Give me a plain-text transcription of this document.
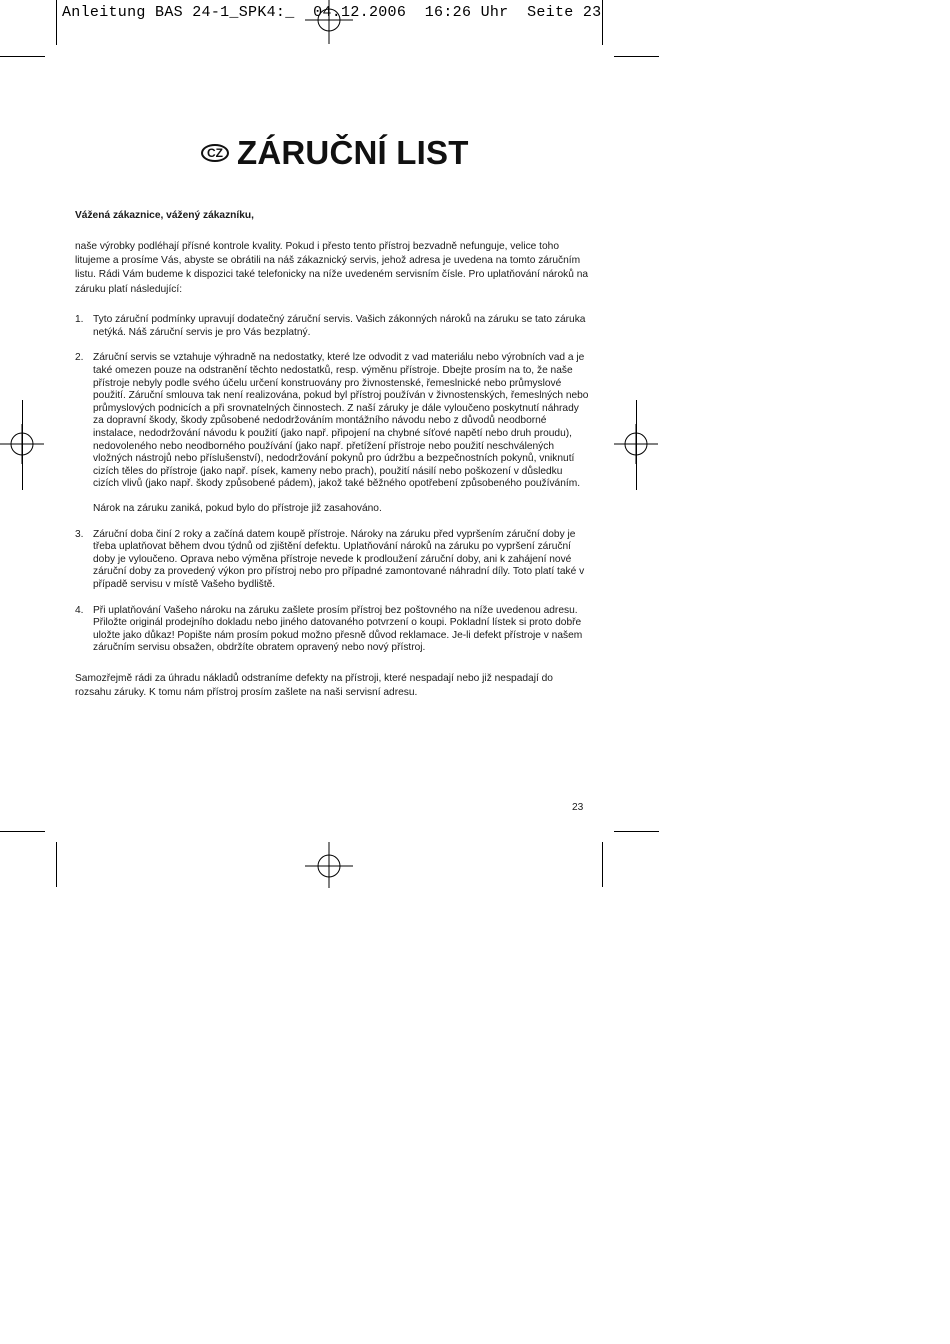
Anleitung BAS 24-1_SPK4:_  04.12.2006  16:26 Uhr  Seite 23
CZ ZÁRUČNÍ LIST

Vážená zákaznice, vážený zákazníku,

naše výrobky podléhají přísné kontrole kvality. Pokud i přesto tento přístroj bezvadně nefunguje, velice toho litujeme a prosíme Vás, abyste se obrátili na náš zákaznický servis, jehož adresa je uvedena na tomto záručním listu. Rádi Vám budeme k dispozici také telefonicky na níže uvedeném servisním čísle. Pro uplatňování nároků na záruku platí následující:

1. Tyto záruční podmínky upravují dodatečný záruční servis. Vašich zákonných nároků na záruku se tato záruka netýká. Náš záruční servis je pro Vás bezplatný.

2. Záruční servis se vztahuje výhradně na nedostatky, které lze odvodit z vad materiálu nebo výrobních vad a je také omezen pouze na odstranění těchto nedostatků, resp. výměnu přístroje. Dbejte prosím na to, že naše přístroje nebyly podle svého účelu určení konstruovány pro živnostenské, řemeslnické nebo průmyslové použití. Záruční smlouva tak není realizována, pokud byl přístroj používán v živnostenských, řemeslných nebo průmyslových podnicích a při srovnatelných činnostech. Z naší záruky je dále vyloučeno poskytnutí náhrady za dopravní škody, škody způsobené nedodržováním montážního návodu nebo z důvodů neodborné instalace, nedodržování návodu k použití (jako např. připojení na chybné síťové napětí nebo druh proudu), nedovoleného nebo neodborného používání (jako např. přetížení přístroje nebo použití neschválených vložných nástrojů nebo příslušenství), nedodržování pokynů pro údržbu a bezpečnostních pokynů, vniknutí cizích těles do přístroje (jako např. písek, kameny nebo prach), použití násilí nebo poškození v důsledku cizích vlivů (jako např. škody způsobené pádem), jakož také běžného opotřebení způsobeného používáním.

Nárok na záruku zaniká, pokud bylo do přístroje již zasahováno.

3. Záruční doba činí 2 roky a začíná datem koupě přístroje. Nároky na záruku před vypršením záruční doby je třeba uplatňovat během dvou týdnů od zjištění defektu. Uplatňování nároků na záruku po vypršení záruční doby je vyloučeno. Oprava nebo výměna přístroje nevede k prodloužení záruční doby, ani k zahájení nové záruční doby za provedený výkon pro přístroj nebo pro případné zamontované náhradní díly. Toto platí také v případě servisu v místě Vašeho bydliště.

4. Při uplatňování Vašeho nároku na záruku zašlete prosím přístroj bez poštovného na níže uvedenou adresu. Přiložte originál prodejního dokladu nebo jiného datovaného potvrzení o koupi. Pokladní lístek si proto dobře uložte jako důkaz! Popište nám prosím pokud možno přesně důvod reklamace. Je-li defekt přístroje v našem záručním servisu obsažen, obdržíte obratem opravený nebo nový přístroj.

Samozřejmě rádi za úhradu nákladů odstraníme defekty na přístroji, které nespadají nebo již nespadají do rozsahu záruky. K tomu nám přístroj prosím zašlete na naši servisní adresu.

23
